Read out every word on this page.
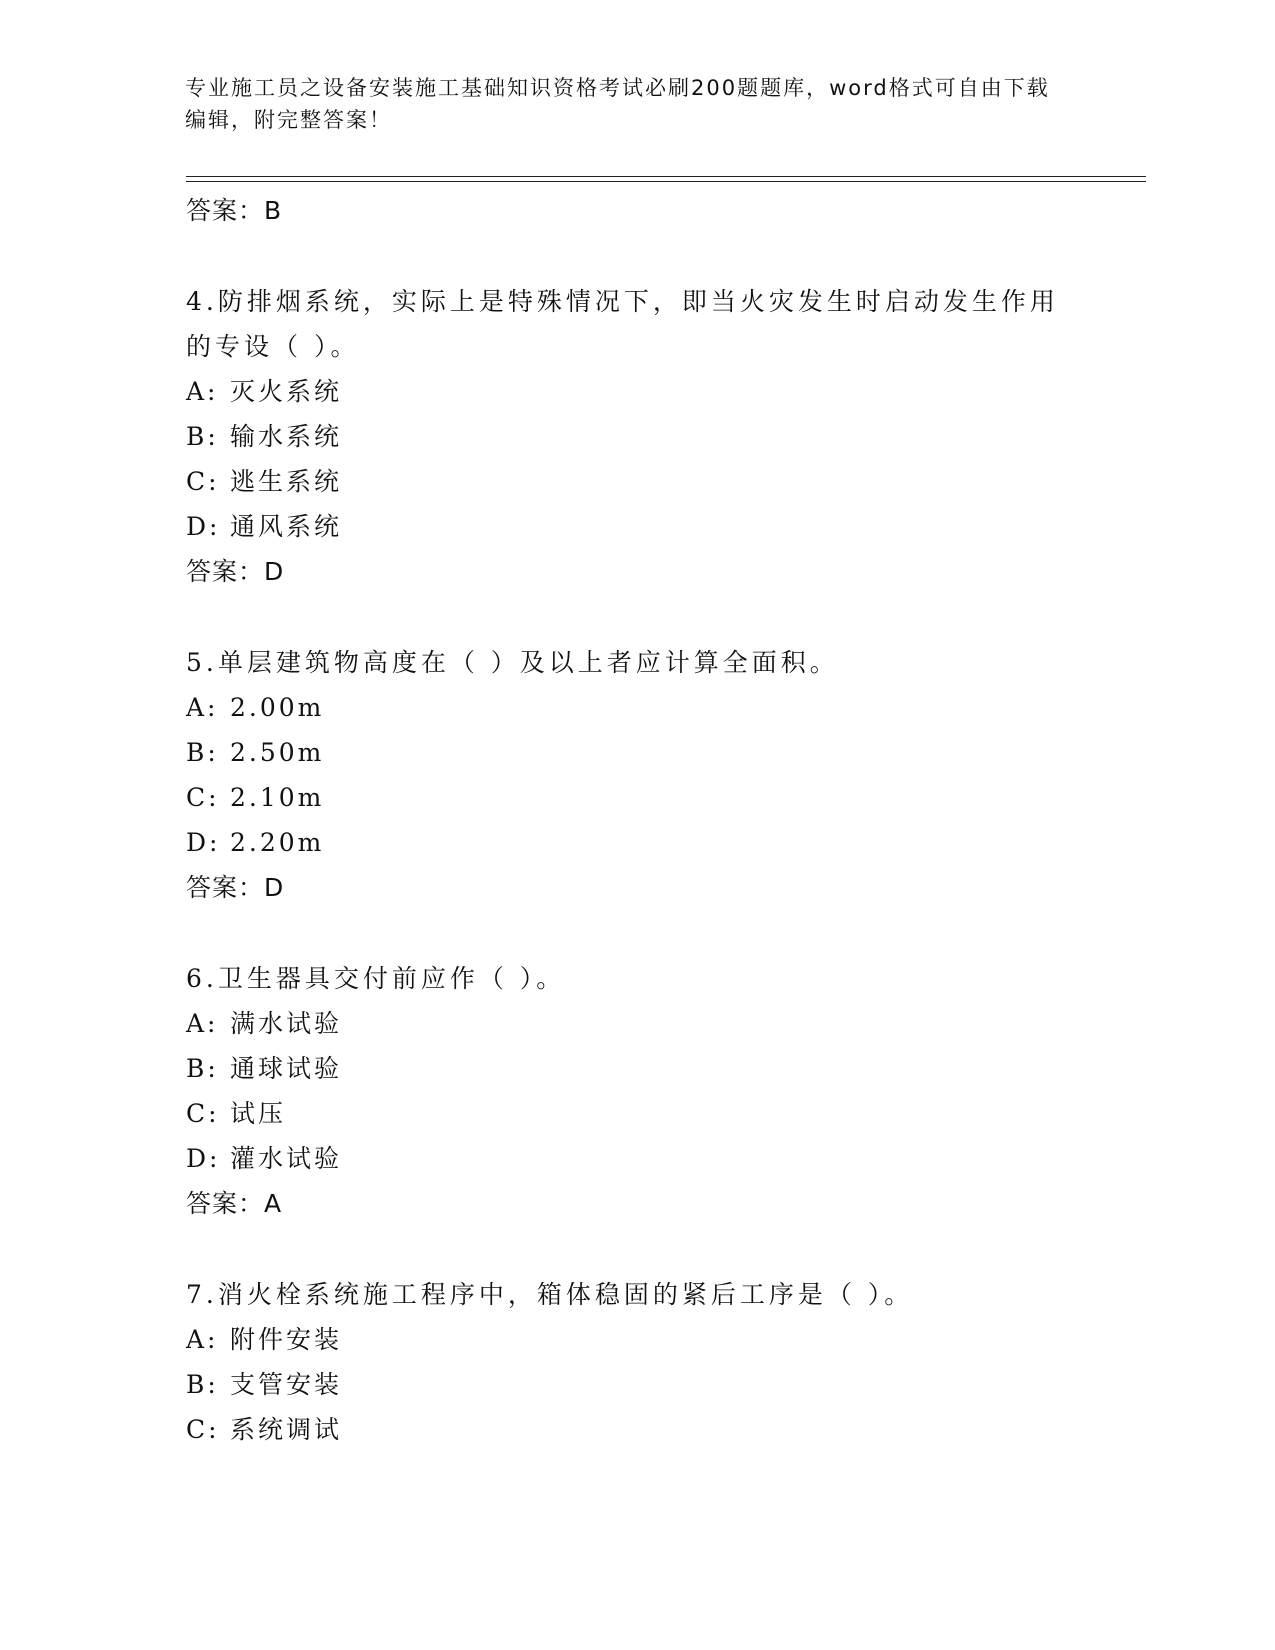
专业施工员之设备安装施工基础知识资格考试必刷200题题库，word格式可自由下载编辑，附完整答案！
答案：B
4.防排烟系统，实际上是特殊情况下，即当火灾发生时启动发生作用
的专设（ ）。
A: 灭火系统
B: 输水系统
C: 逃生系统
D: 通风系统
答案：D
5.单层建筑物高度在（ ）及以上者应计算全面积。
A: 2.00m
B: 2.50m
C: 2.10m
D: 2.20m
答案：D
6.卫生器具交付前应作（ ）。
A: 满水试验
B: 通球试验
C: 试压
D: 灌水试验
答案：A
7.消火栓系统施工程序中，箱体稳固的紧后工序是（ ）。
A: 附件安装
B: 支管安装
C: 系统调试
